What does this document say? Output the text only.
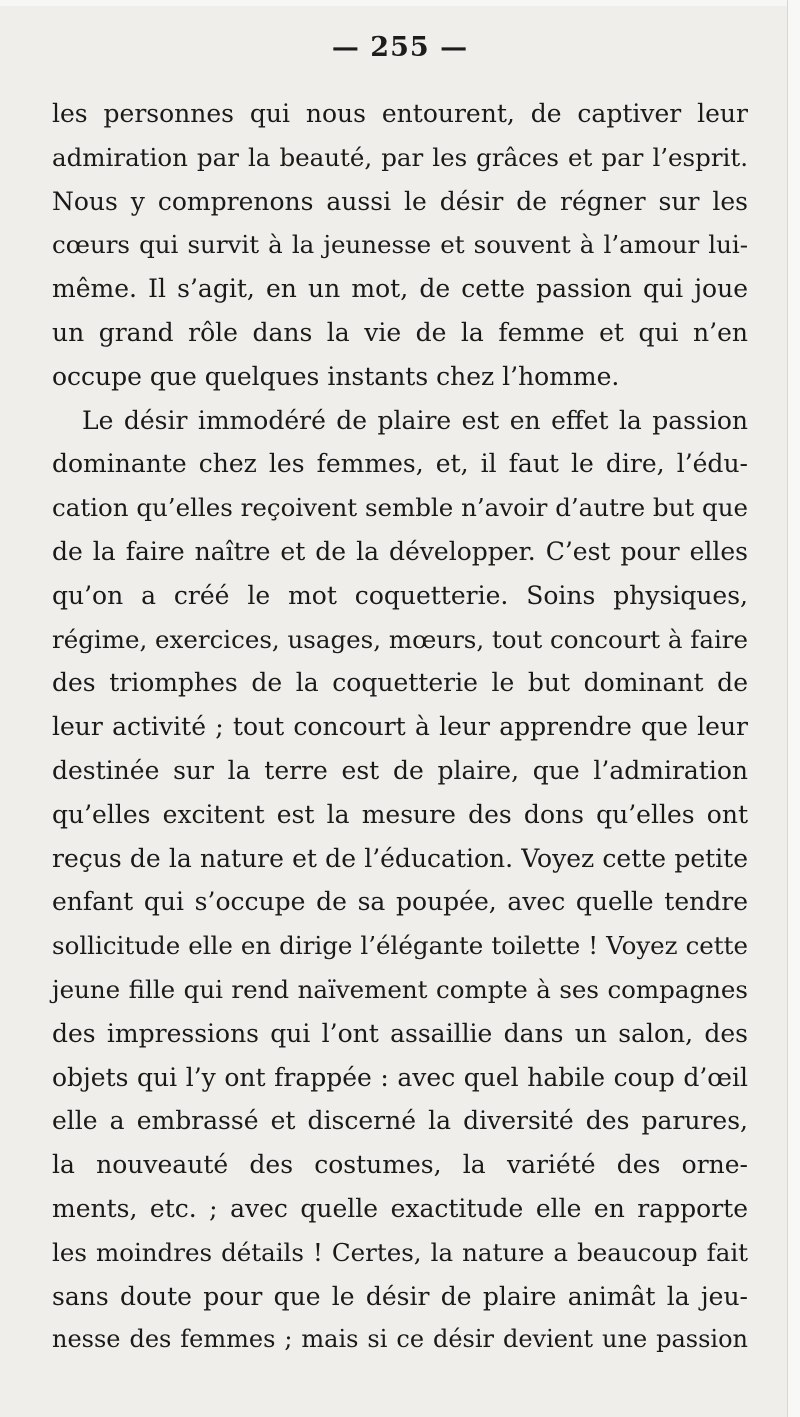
— 255 —
les personnes qui nous entourent, de captiver leur
admiration par la beauté, par les grâces et par l’esprit.
Nous y comprenons aussi le désir de régner sur les
cœurs qui survit à la jeunesse et souvent à l’amour lui-
même. Il s’agit, en un mot, de cette passion qui joue
un grand rôle dans la vie de la femme et qui n’en
occupe que quelques instants chez l’homme.
Le désir immodéré de plaire est en effet la passion
dominante chez les femmes, et, il faut le dire, l’édu-
cation qu’elles reçoivent semble n’avoir d’autre but que
de la faire naître et de la développer. C’est pour elles
qu’on a créé le mot coquetterie. Soins physiques,
régime, exercices, usages, mœurs, tout concourt à faire
des triomphes de la coquetterie le but dominant de
leur activité ; tout concourt à leur apprendre que leur
destinée sur la terre est de plaire, que l’admiration
qu’elles excitent est la mesure des dons qu’elles ont
reçus de la nature et de l’éducation. Voyez cette petite
enfant qui s’occupe de sa poupée, avec quelle tendre
sollicitude elle en dirige l’élégante toilette ! Voyez cette
jeune fille qui rend naïvement compte à ses compagnes
des impressions qui l’ont assaillie dans un salon, des
objets qui l’y ont frappée : avec quel habile coup d’œil
elle a embrassé et discerné la diversité des parures,
la nouveauté des costumes, la variété des orne-
ments, etc. ; avec quelle exactitude elle en rapporte
les moindres détails ! Certes, la nature a beaucoup fait
sans doute pour que le désir de plaire animât la jeu-
nesse des femmes ; mais si ce désir devient une passion
